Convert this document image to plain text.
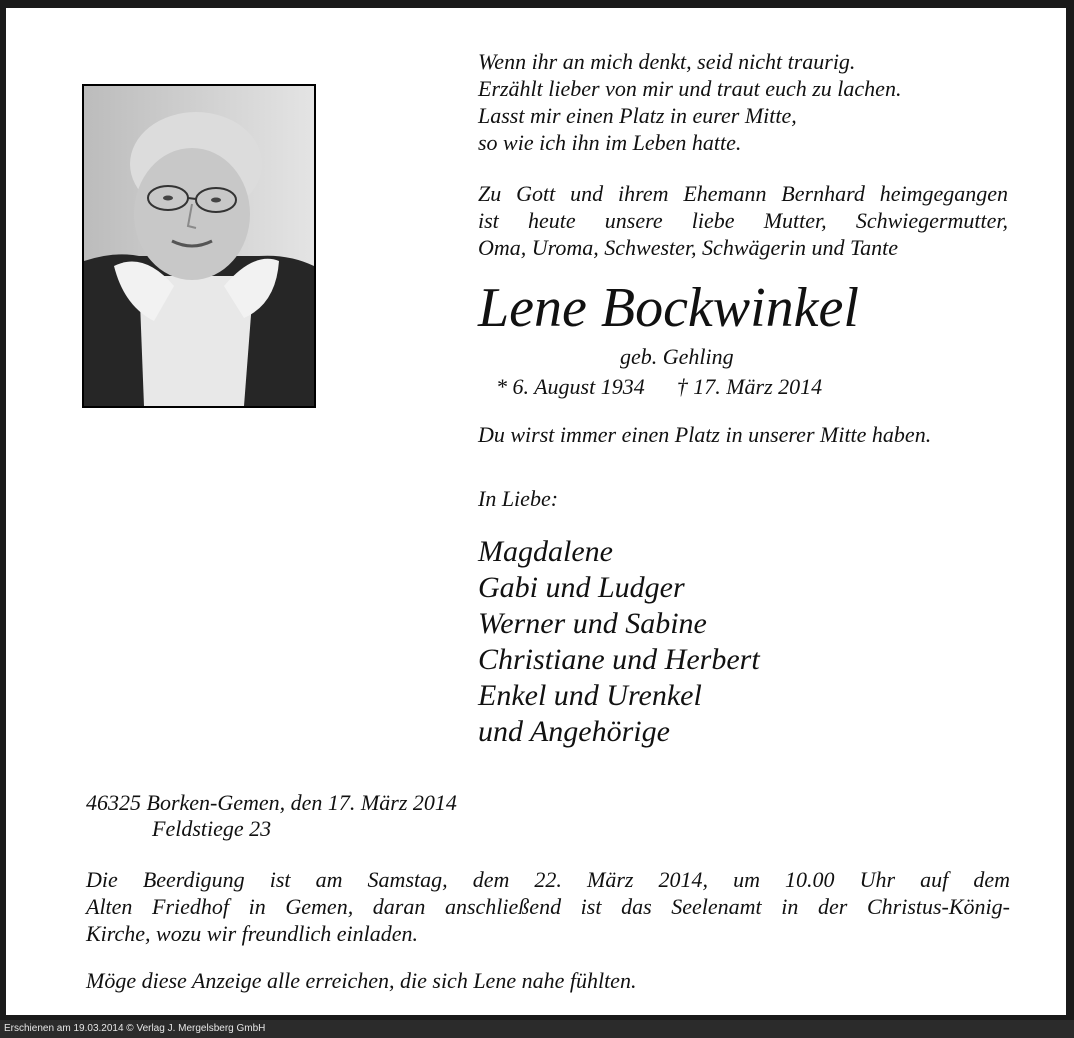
Wenn ihr an mich denkt, seid nicht traurig.
Erzählt lieber von mir und traut euch zu lachen.
Lasst mir einen Platz in eurer Mitte,
so wie ich ihn im Leben hatte.
Zu Gott und ihrem Ehemann Bernhard heimgegangen
ist heute unsere liebe Mutter, Schwiegermutter,
Oma, Uroma, Schwester, Schwägerin und Tante
Lene Bockwinkel
geb. Gehling
* 6. August 1934 † 17. März 2014
Du wirst immer einen Platz in unserer Mitte haben.
In Liebe:
Magdalene
Gabi und Ludger
Werner und Sabine
Christiane und Herbert
Enkel und Urenkel
und Angehörige
46325 Borken-Gemen, den 17. März 2014
Feldstiege 23
Die Beerdigung ist am Samstag, dem 22. März 2014, um 10.00 Uhr auf dem
Alten Friedhof in Gemen, daran anschließend ist das Seelenamt in der Christus-König-
Kirche, wozu wir freundlich einladen.
Möge diese Anzeige alle erreichen, die sich Lene nahe fühlten.
Erschienen am 19.03.2014 © Verlag J. Mergelsberg GmbH
